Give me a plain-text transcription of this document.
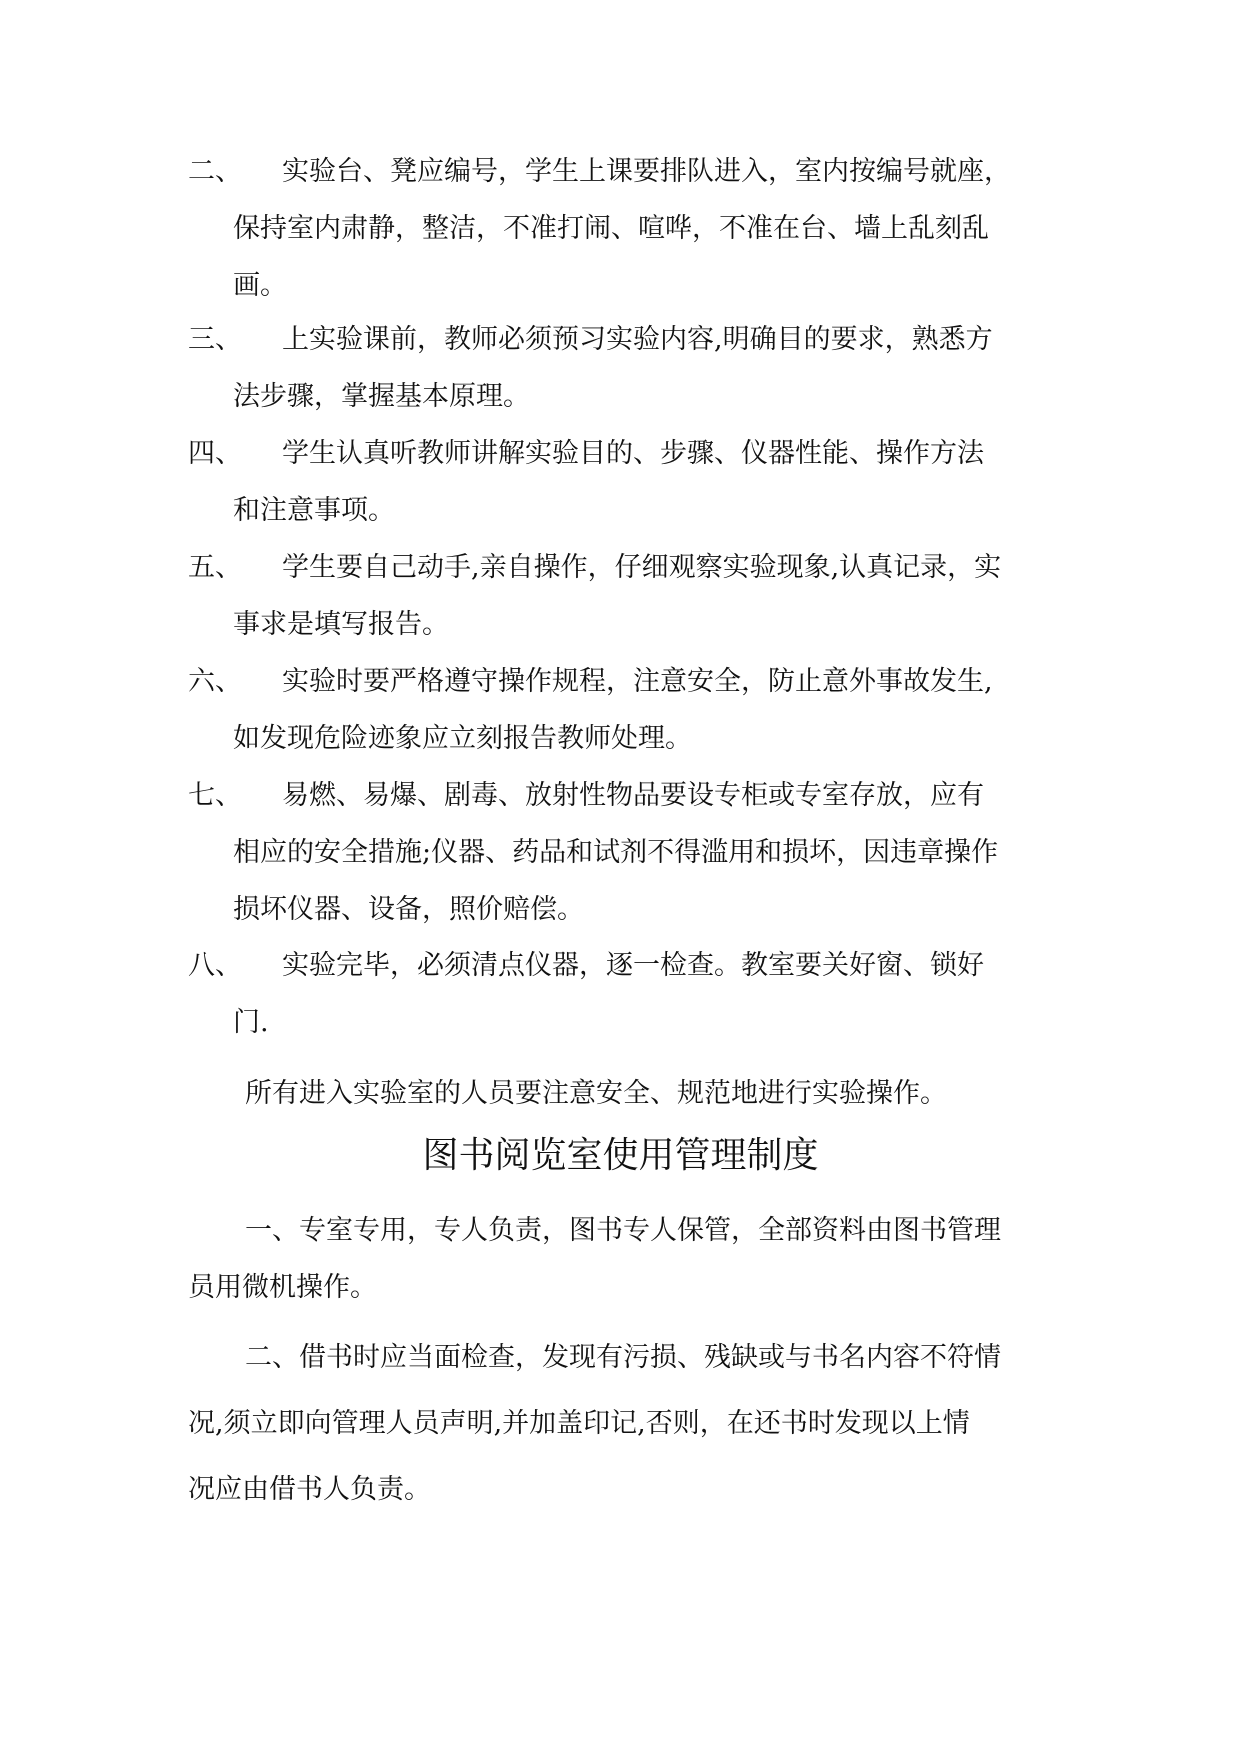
二、 实验台、凳应编号，学生上课要排队进入，室内按编号就座，
保持室内肃静，整洁，不准打闹、喧哗，不准在台、墙上乱刻乱
画。
三、 上实验课前，教师必须预习实验内容,明确目的要求，熟悉方
法步骤，掌握基本原理。
四、 学生认真听教师讲解实验目的、步骤、仪器性能、操作方法
和注意事项。
五、 学生要自己动手,亲自操作，仔细观察实验现象,认真记录，实
事求是填写报告。
六、 实验时要严格遵守操作规程，注意安全，防止意外事故发生,
如发现危险迹象应立刻报告教师处理。
七、 易燃、易爆、剧毒、放射性物品要设专柜或专室存放，应有
相应的安全措施;仪器、药品和试剂不得滥用和损坏，因违章操作
损坏仪器、设备，照价赔偿。
八、 实验完毕，必须清点仪器，逐一检查。教室要关好窗、锁好
门.
所有进入实验室的人员要注意安全、规范地进行实验操作。
图书阅览室使用管理制度
一、专室专用，专人负责，图书专人保管，全部资料由图书管理
员用微机操作。
二、借书时应当面检查，发现有污损、残缺或与书名内容不符情
况,须立即向管理人员声明,并加盖印记,否则，在还书时发现以上情
况应由借书人负责。
